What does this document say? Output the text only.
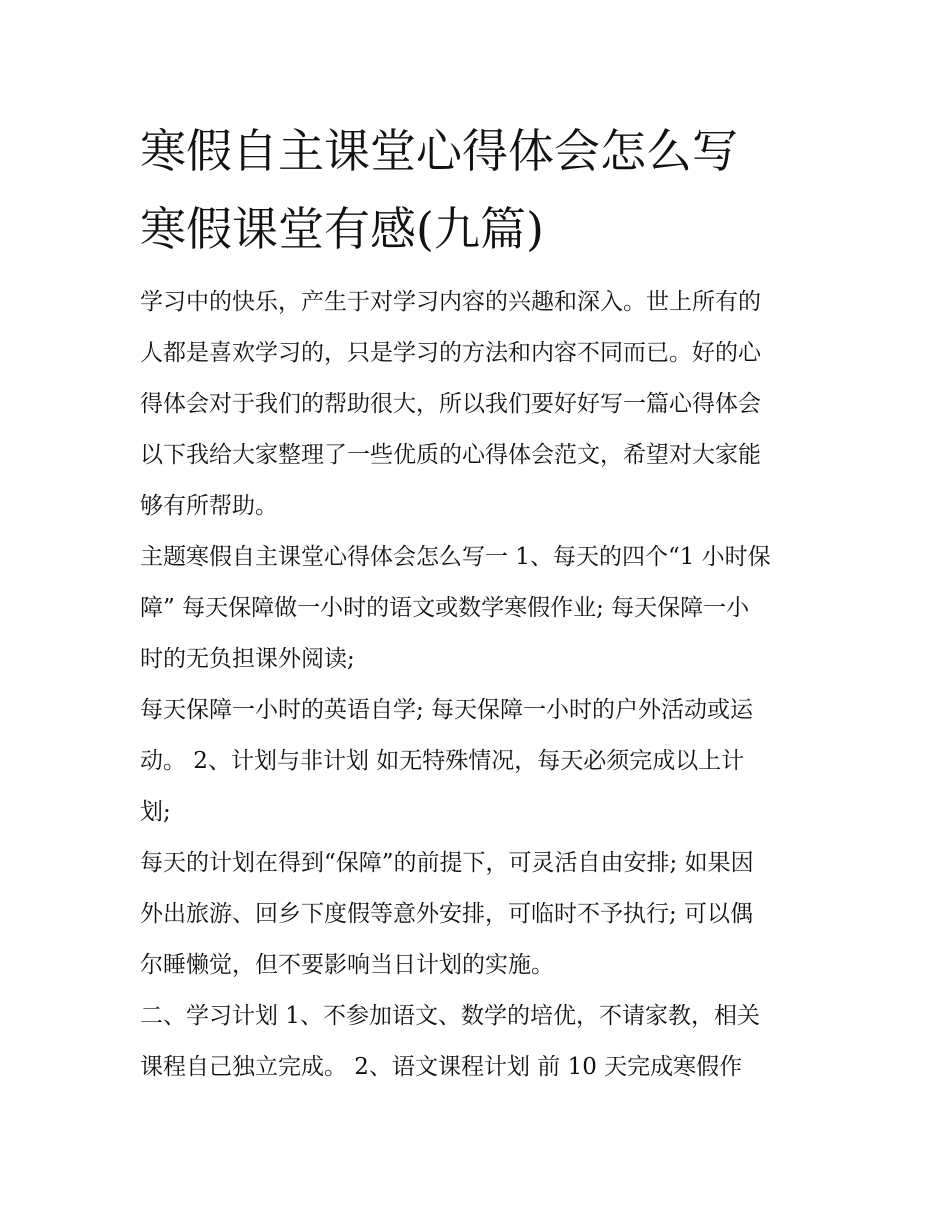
寒假自主课堂心得体会怎么写
寒假课堂有感(九篇)
学习中的快乐，产生于对学习内容的兴趣和深入。世上所有的
人都是喜欢学习的，只是学习的方法和内容不同而已。好的心
得体会对于我们的帮助很大，所以我们要好好写一篇心得体会
以下我给大家整理了一些优质的心得体会范文，希望对大家能
够有所帮助。
主题寒假自主课堂心得体会怎么写一 1、每天的四个“1 小时保
障” 每天保障做一小时的语文或数学寒假作业; 每天保障一小
时的无负担课外阅读;
每天保障一小时的英语自学; 每天保障一小时的户外活动或运
动。 2、计划与非计划 如无特殊情况，每天必须完成以上计
划;
每天的计划在得到“保障”的前提下，可灵活自由安排; 如果因
外出旅游、回乡下度假等意外安排，可临时不予执行; 可以偶
尔睡懒觉，但不要影响当日计划的实施。
二、学习计划 1、不参加语文、数学的培优，不请家教，相关
课程自己独立完成。 2、语文课程计划 前 10 天完成寒假作
